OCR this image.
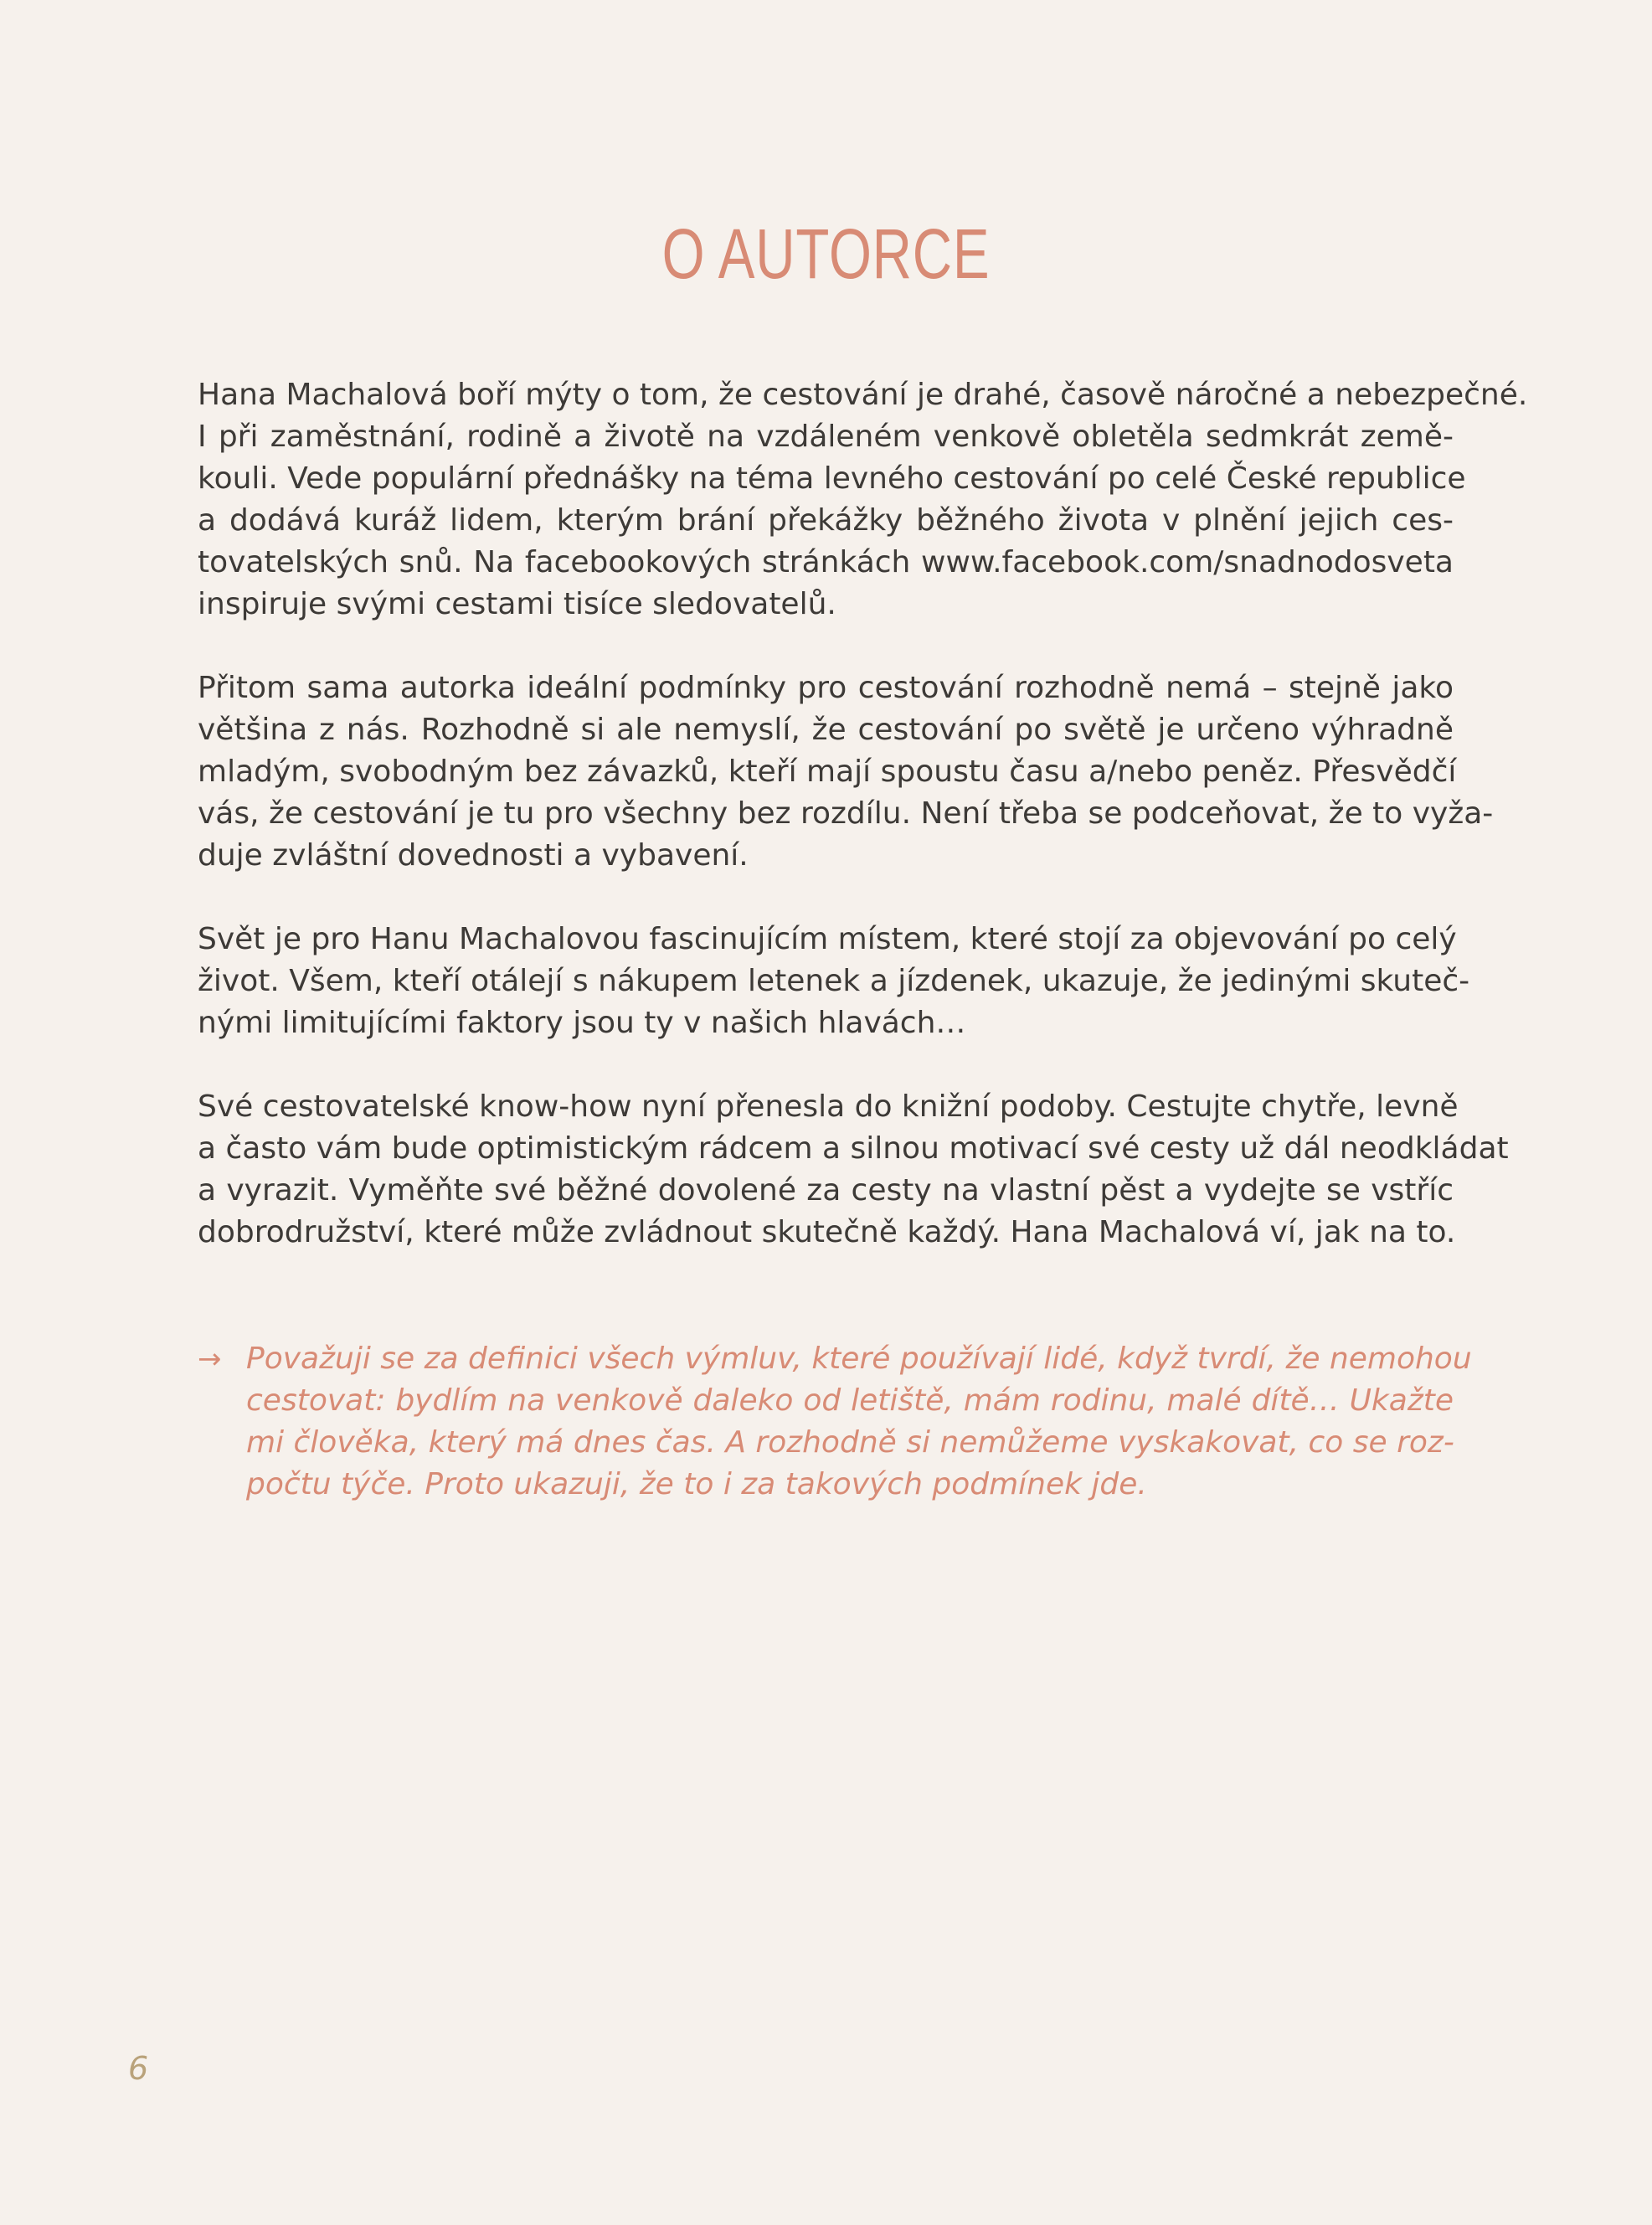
O AUTORCE

Hana Machalová boří mýty o tom, že cestování je drahé, časově náročné a nebezpečné.
I při zaměstnání, rodině a životě na vzdáleném venkově obletěla sedmkrát země-
kouli. Vede populární přednášky na téma levného cestování po celé České republice
a dodává kuráž lidem, kterým brání překážky běžného života v plnění jejich ces-
tovatelských snů. Na facebookových stránkách www.facebook.com/snadnodosveta
inspiruje svými cestami tisíce sledovatelů.

Přitom sama autorka ideální podmínky pro cestování rozhodně nemá – stejně jako
většina z nás. Rozhodně si ale nemyslí, že cestování po světě je určeno výhradně
mladým, svobodným bez závazků, kteří mají spoustu času a/nebo peněz. Přesvědčí
vás, že cestování je tu pro všechny bez rozdílu. Není třeba se podceňovat, že to vyža-
duje zvláštní dovednosti a vybavení.

Svět je pro Hanu Machalovou fascinujícím místem, které stojí za objevování po celý
život. Všem, kteří otálejí s nákupem letenek a jízdenek, ukazuje, že jedinými skuteč-
nými limitujícími faktory jsou ty v našich hlavách…

Své cestovatelské know-how nyní přenesla do knižní podoby. Cestujte chytře, levně
a často vám bude optimistickým rádcem a silnou motivací své cesty už dál neodkládat
a vyrazit. Vyměňte své běžné dovolené za cesty na vlastní pěst a vydejte se vstříc
dobrodružství, které může zvládnout skutečně každý. Hana Machalová ví, jak na to.

→ Považuji se za definici všech výmluv, které používají lidé, když tvrdí, že nemohou
cestovat: bydlím na venkově daleko od letiště, mám rodinu, malé dítě… Ukažte
mi člověka, který má dnes čas. A rozhodně si nemůžeme vyskakovat, co se roz-
počtu týče. Proto ukazuji, že to i za takových podmínek jde.
6
